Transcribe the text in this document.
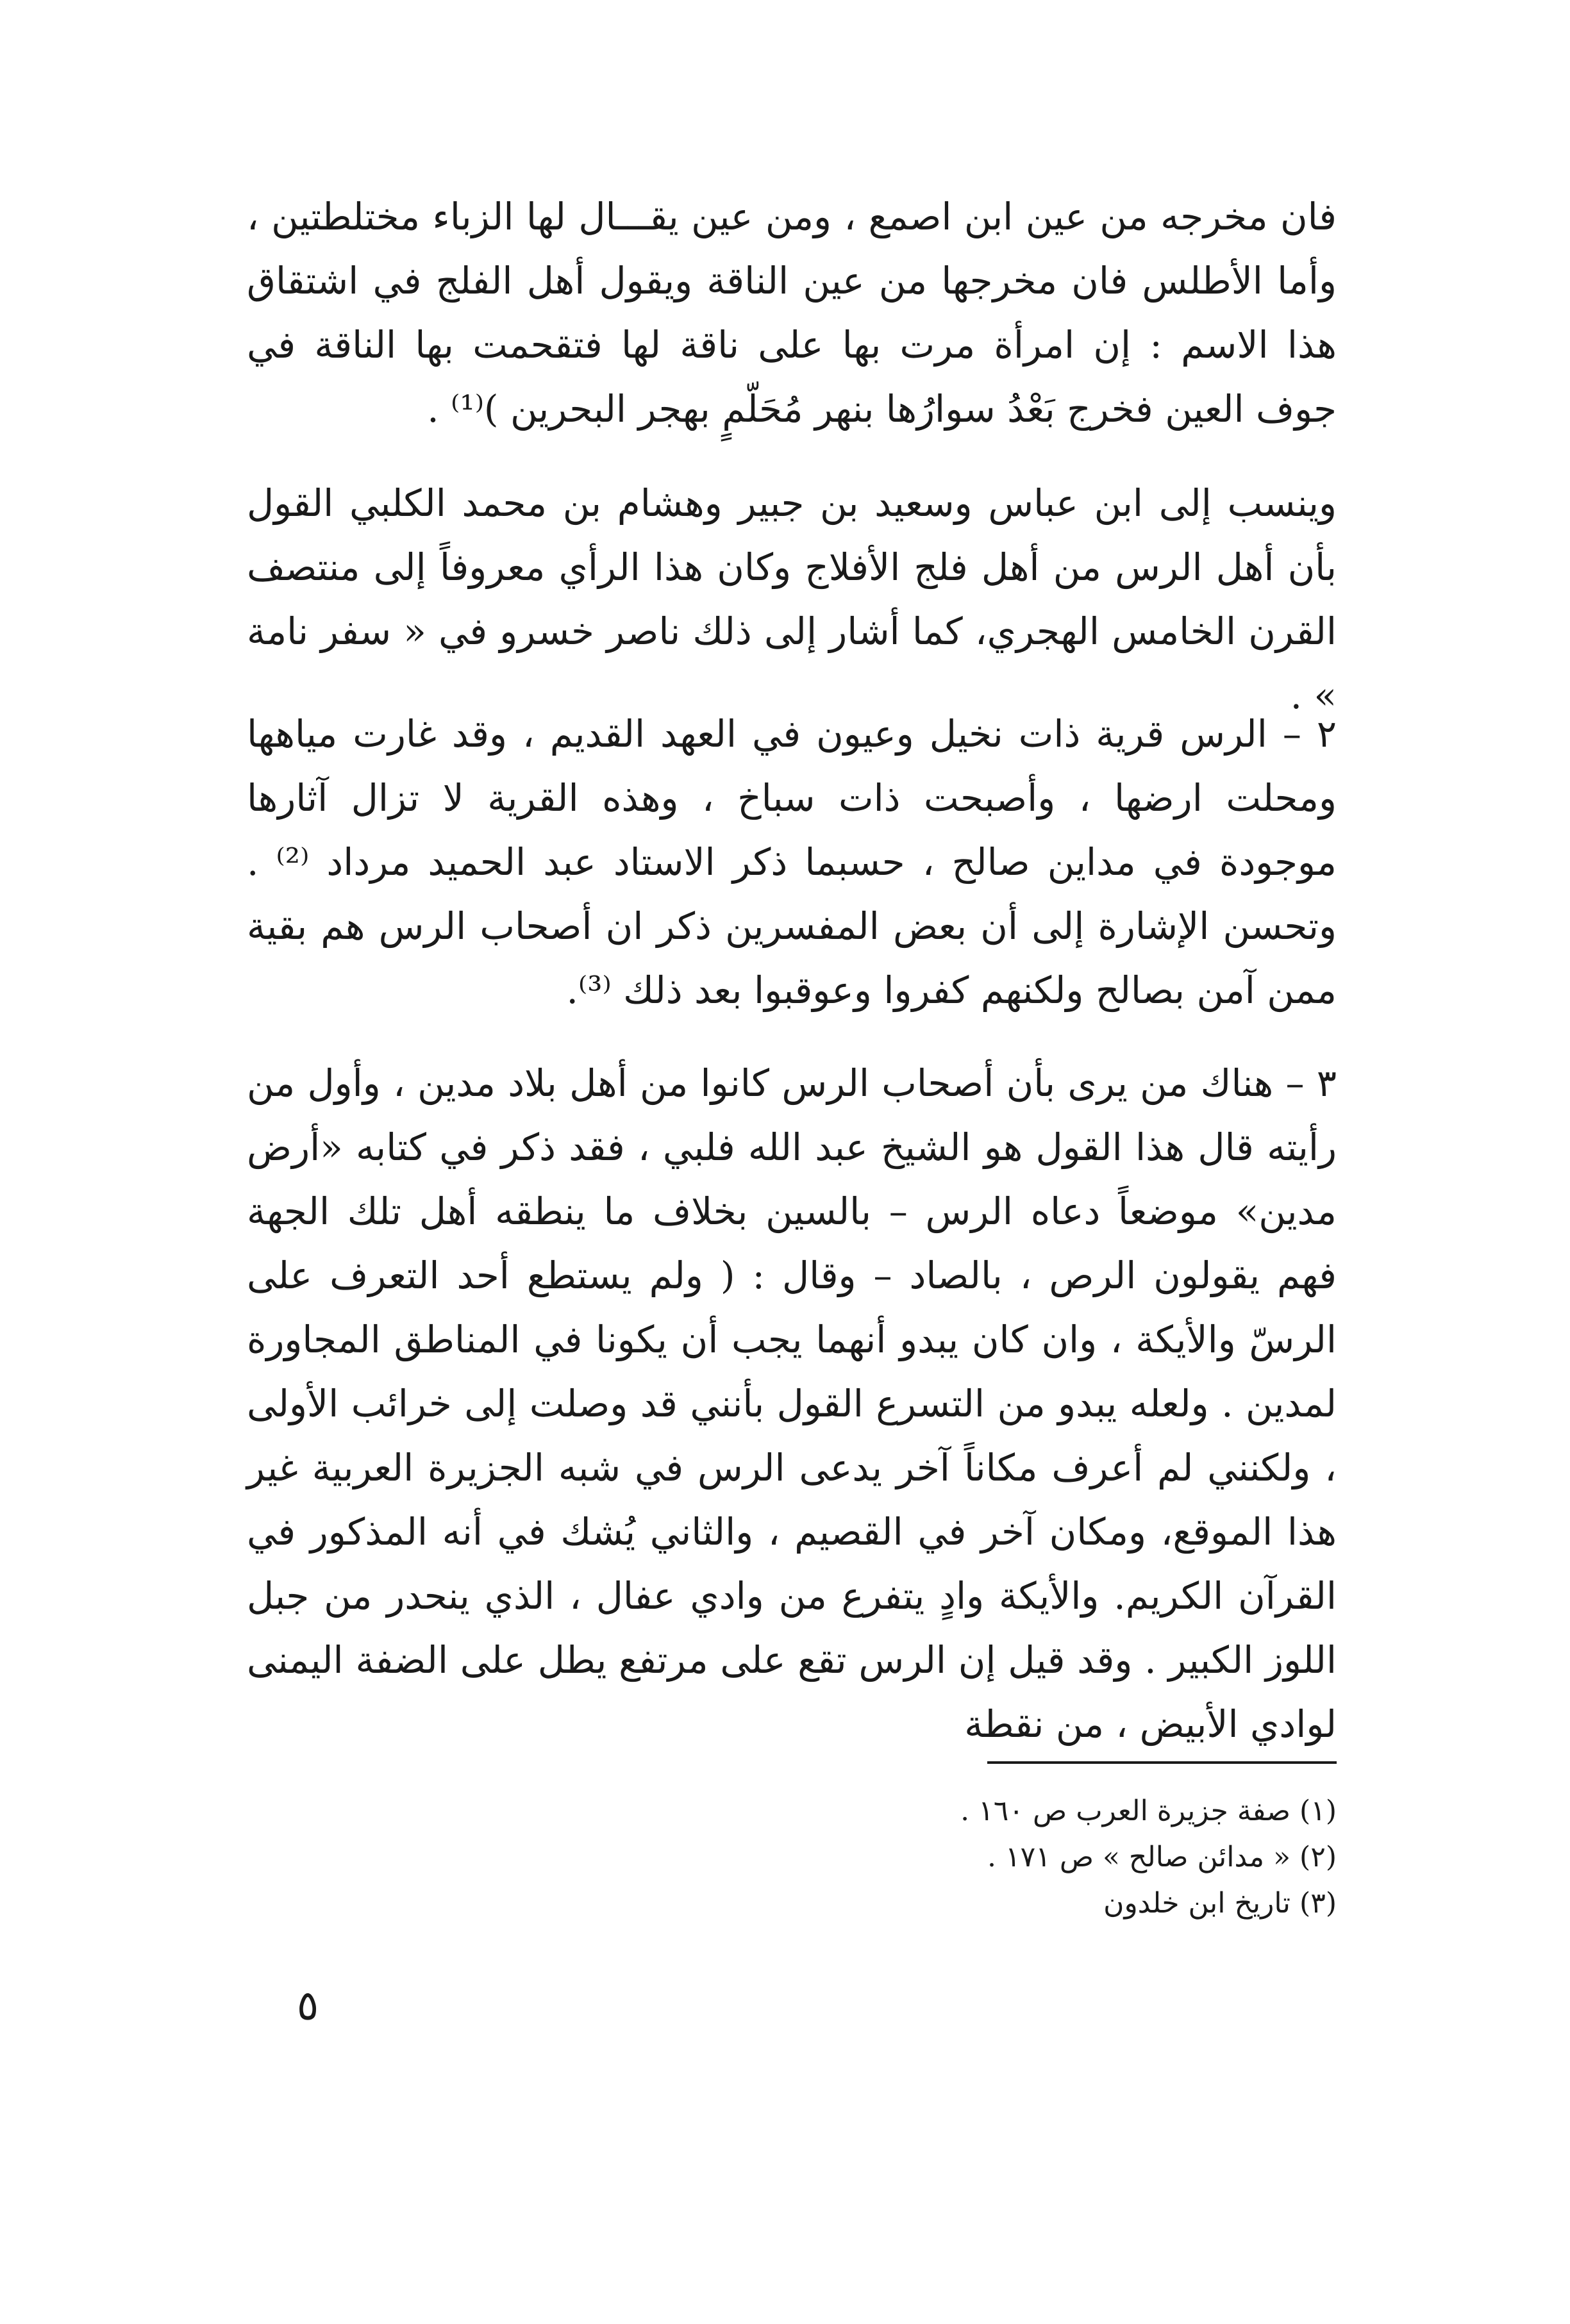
فان مخرجه من عين ابن اصمع ، ومن عين يقـــال لها الزباء مختلطتين ، وأما الأطلس فان مخرجها من عين الناقة ويقول أهل الفلج في اشتقاق هذا الاسم : إن امرأة مرت بها على ناقة لها فتقحمت بها الناقة في جوف العين فخرج بَعْدُ سوارُها بنهر مُحَلّمٍ بهجر البحرين )⁽¹⁾ .

وينسب إلى ابن عباس وسعيد بن جبير وهشام بن محمد الكلبي القول بأن أهل الرس من أهل فلج الأفلاج وكان هذا الرأي معروفاً إلى منتصف القرن الخامس الهجري، كما أشار إلى ذلك ناصر خسرو في « سفر نامة » .

٢ – الرس قرية ذات نخيل وعيون في العهد القديم ، وقد غارت مياهها ومحلت ارضها ، وأصبحت ذات سباخ ، وهذه القرية لا تزال آثارها موجودة في مداين صالح ، حسبما ذكر الاستاد عبد الحميد مرداد ⁽²⁾ . وتحسن الإشارة إلى أن بعض المفسرين ذكر ان أصحاب الرس هم بقية ممن آمن بصالح ولكنهم كفروا وعوقبوا بعد ذلك ⁽³⁾.

٣ – هناك من يرى بأن أصحاب الرس كانوا من أهل بلاد مدين ، وأول من رأيته قال هذا القول هو الشيخ عبد الله فلبي ، فقد ذكر في كتابه «أرض مدين» موضعاً دعاه الرس – بالسين بخلاف ما ينطقه أهل تلك الجهة فهم يقولون الرص ، بالصاد – وقال : ( ولم يستطع أحد التعرف على الرسّ والأيكة ، وان كان يبدو أنهما يجب أن يكونا في المناطق المجاورة لمدين . ولعله يبدو من التسرع القول بأنني قد وصلت إلى خرائب الأولى ، ولكنني لم أعرف مكاناً آخر يدعى الرس في شبه الجزيرة العربية غير هذا الموقع، ومكان آخر في القصيم ، والثاني يُشك في أنه المذكور في القرآن الكريم. والأيكة وادٍ يتفرع من وادي عفال ، الذي ينحدر من جبل اللوز الكبير . وقد قيل إن الرس تقع على مرتفع يطل على الضفة اليمنى لوادي الأبيض ، من نقطة

(١) صفة جزيرة العرب ص ١٦٠ .
(٢) « مدائن صالح » ص ١٧١ .
(٣) تاريخ ابن خلدون
٥
